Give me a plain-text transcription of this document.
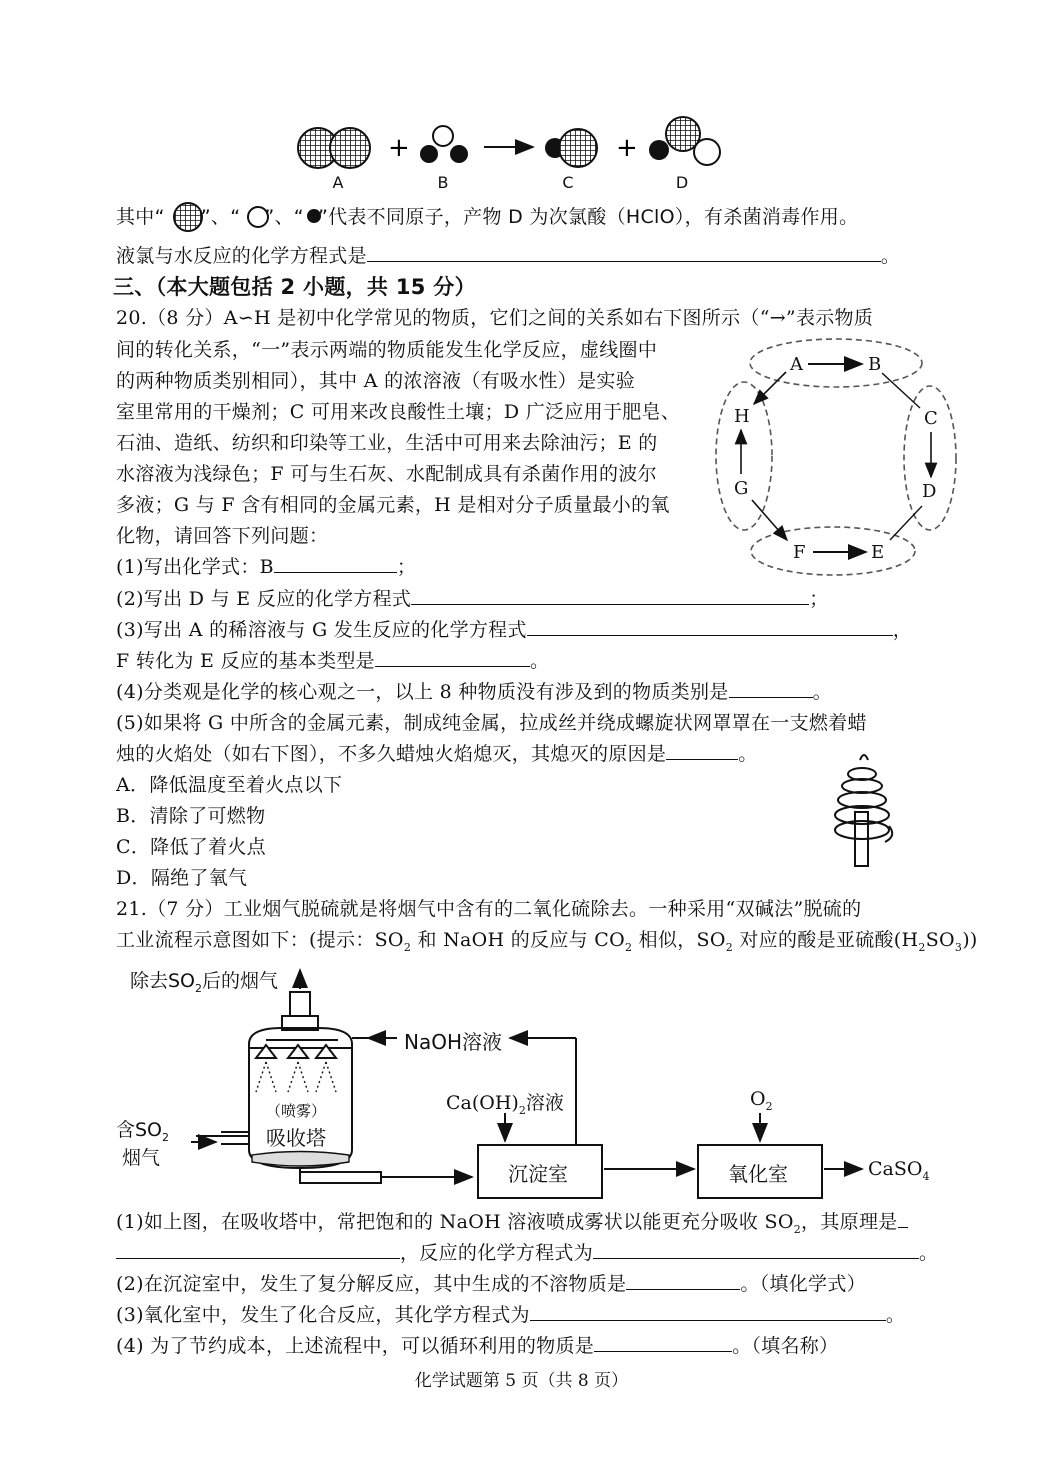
+	+
A	B
C
D
E
F
G
H
A	B	C	D
其中“ ”、“ ”、“ ”代表不同原子，产物 D 为次氯酸（HClO），有杀菌消毒作用。
液氯与水反应的化学方程式是	。
三、（本大题包括 2 小题，共 15 分）
20.（8 分）A∽H 是初中化学常见的物质，它们之间的关系如右下图所示（“→”表示物质
间的转化关系，“一”表示两端的物质能发生化学反应，虚线圈中
的两种物质类别相同），其中 A 的浓溶液（有吸水性）是实验
室里常用的干燥剂；C 可用来改良酸性土壤；D 广泛应用于肥皂、
石油、造纸、纺织和印染等工业，生活中可用来去除油污；E 的
水溶液为浅绿色；F 可与生石灰、水配制成具有杀菌作用的波尔
多液；G 与 F 含有相同的金属元素，H 是相对分子质量最小的氧
化物，请回答下列问题：
(1)写出化学式：B	；
(2)写出 D 与 E 反应的化学方程式	；
(3)写出 A 的稀溶液与 G 发生反应的化学方程式	，
F 转化为 E 反应的基本类型是	。
(4)分类观是化学的核心观之一，以上 8 种物质没有涉及到的物质类别是	。
(5)如果将 G 中所含的金属元素，制成纯金属，拉成丝并绕成螺旋状网罩罩在一支燃着蜡
烛的火焰处（如右下图），不多久蜡烛火焰熄灭，其熄灭的原因是	。
A．降低温度至着火点以下
B．清除了可燃物
C．降低了着火点
D．隔绝了氧气
21.（7 分）工业烟气脱硫就是将烟气中含有的二氧化硫除去。一种采用“双碱法”脱硫的
工业流程示意图如下：(提示：$SO_2$ 和 NaOH 的反应与 $CO_2$ 相似，$SO_2$ 对应的酸是亚硫酸$(H_2SO_3)$)
除去$SO_2$后的烟气
NaOH溶液
$Ca(OH)_2$溶液	$O_2$
（喷雾）
吸收塔
含$SO_2$
烟气
沉淀室	氧化室	CaSO$_4$
(1)如上图，在吸收塔中，常把饱和的 NaOH 溶液喷成雾状以能更充分吸收 $SO_2$，其原理是
，反应的化学方程式为	。
(2)在沉淀室中，发生了复分解反应，其中生成的不溶物质是	。（填化学式）
(3)氧化室中，发生了化合反应，其化学方程式为	。
(4) 为了节约成本，上述流程中，可以循环利用的物质是	。（填名称）
化学试题第 5 页（共 8 页）
